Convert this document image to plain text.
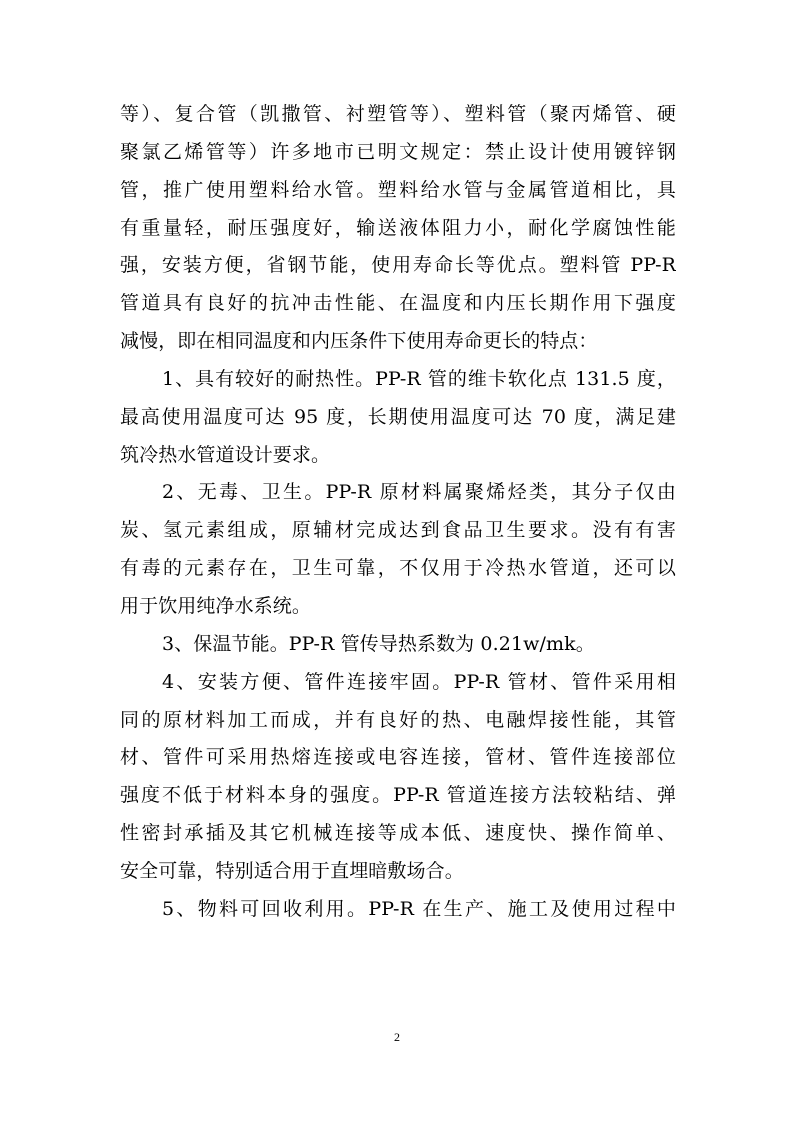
等）、复合管（凯撒管、衬塑管等）、塑料管（聚丙烯管、硬
聚氯乙烯管等）许多地市已明文规定：禁止设计使用镀锌钢
管，推广使用塑料给水管。塑料给水管与金属管道相比，具
有重量轻，耐压强度好，输送液体阻力小，耐化学腐蚀性能
强，安装方便，省钢节能，使用寿命长等优点。塑料管 PP-R
管道具有良好的抗冲击性能、在温度和内压长期作用下强度
减慢，即在相同温度和内压条件下使用寿命更长的特点：
1、具有较好的耐热性。PP-R 管的维卡软化点 131.5 度，
最高使用温度可达 95 度，长期使用温度可达 70 度，满足建
筑冷热水管道设计要求。
2、无毒、卫生。PP-R 原材料属聚烯烃类，其分子仅由
炭、氢元素组成，原辅材完成达到食品卫生要求。没有有害
有毒的元素存在，卫生可靠，不仅用于冷热水管道，还可以
用于饮用纯净水系统。
3、保温节能。PP-R 管传导热系数为 0.21w/mk。
4、安装方便、管件连接牢固。PP-R 管材、管件采用相
同的原材料加工而成，并有良好的热、电融焊接性能，其管
材、管件可采用热熔连接或电容连接，管材、管件连接部位
强度不低于材料本身的强度。PP-R 管道连接方法较粘结、弹
性密封承插及其它机械连接等成本低、速度快、操作简单、
安全可靠，特别适合用于直埋暗敷场合。
5、物料可回收利用。PP-R 在生产、施工及使用过程中
2
